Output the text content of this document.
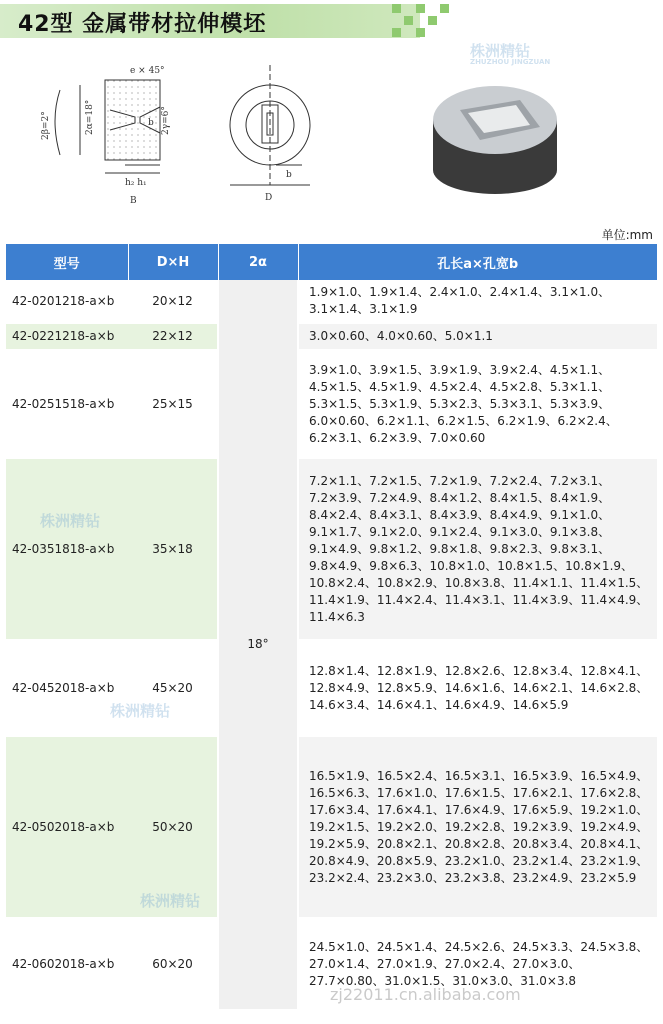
42型 金属带材拉伸模坯
e × 45°
2β=2°	2α=18°	2γ=6°
b
h₂ h₁
B	D
b
单位:mm
型号	D×H	2α	孔长a×孔宽b
42-0201218-a×b	20×12	18°	1.9×1.0、1.9×1.4、2.4×1.0、2.4×1.4、3.1×1.0、3.1×1.4、3.1×1.9
42-0221218-a×b	22×12		3.0×0.60、4.0×0.60、5.0×1.1
42-0251518-a×b	25×15		3.9×1.0、3.9×1.5、3.9×1.9、3.9×2.4、4.5×1.1、4.5×1.5、4.5×1.9、4.5×2.4、4.5×2.8、5.3×1.1、5.3×1.5、5.3×1.9、5.3×2.3、5.3×3.1、5.3×3.9、6.0×0.60、6.2×1.1、6.2×1.5、6.2×1.9、6.2×2.4、6.2×3.1、6.2×3.9、7.0×0.60
42-0351818-a×b	35×18		7.2×1.1、7.2×1.5、7.2×1.9、7.2×2.4、7.2×3.1、7.2×3.9、7.2×4.9、8.4×1.2、8.4×1.5、8.4×1.9、8.4×2.4、8.4×3.1、8.4×3.9、8.4×4.9、9.1×1.0、9.1×1.7、9.1×2.0、9.1×2.4、9.1×3.0、9.1×3.8、9.1×4.9、9.8×1.2、9.8×1.8、9.8×2.3、9.8×3.1、9.8×4.9、9.8×6.3、10.8×1.0、10.8×1.5、10.8×1.9、10.8×2.4、10.8×2.9、10.8×3.8、11.4×1.1、11.4×1.5、11.4×1.9、11.4×2.4、11.4×3.1、11.4×3.9、11.4×4.9、11.4×6.3
42-0452018-a×b	45×20		12.8×1.4、12.8×1.9、12.8×2.6、12.8×3.4、12.8×4.1、12.8×4.9、12.8×5.9、14.6×1.6、14.6×2.1、14.6×2.8、14.6×3.4、14.6×4.1、14.6×4.9、14.6×5.9
42-0502018-a×b	50×20		16.5×1.9、16.5×2.4、16.5×3.1、16.5×3.9、16.5×4.9、16.5×6.3、17.6×1.0、17.6×1.5、17.6×2.1、17.6×2.8、17.6×3.4、17.6×4.1、17.6×4.9、17.6×5.9、19.2×1.0、19.2×1.5、19.2×2.0、19.2×2.8、19.2×3.9、19.2×4.9、19.2×5.9、20.8×2.1、20.8×2.8、20.8×3.4、20.8×4.1、20.8×4.9、20.8×5.9、23.2×1.0、23.2×1.4、23.2×1.9、23.2×2.4、23.2×3.0、23.2×3.8、23.2×4.9、23.2×5.9
42-0602018-a×b	60×20		24.5×1.0、24.5×1.4、24.5×2.6、24.5×3.3、24.5×3.8、27.0×1.4、27.0×1.9、27.0×2.4、27.0×3.0、27.7×0.80、31.0×1.5、31.0×3.0、31.0×3.8
株洲精钻
株洲精钻
株洲精钻
株洲精钻
ZHUZHOU JINGZUAN
zj22011.cn.alibaba.com
